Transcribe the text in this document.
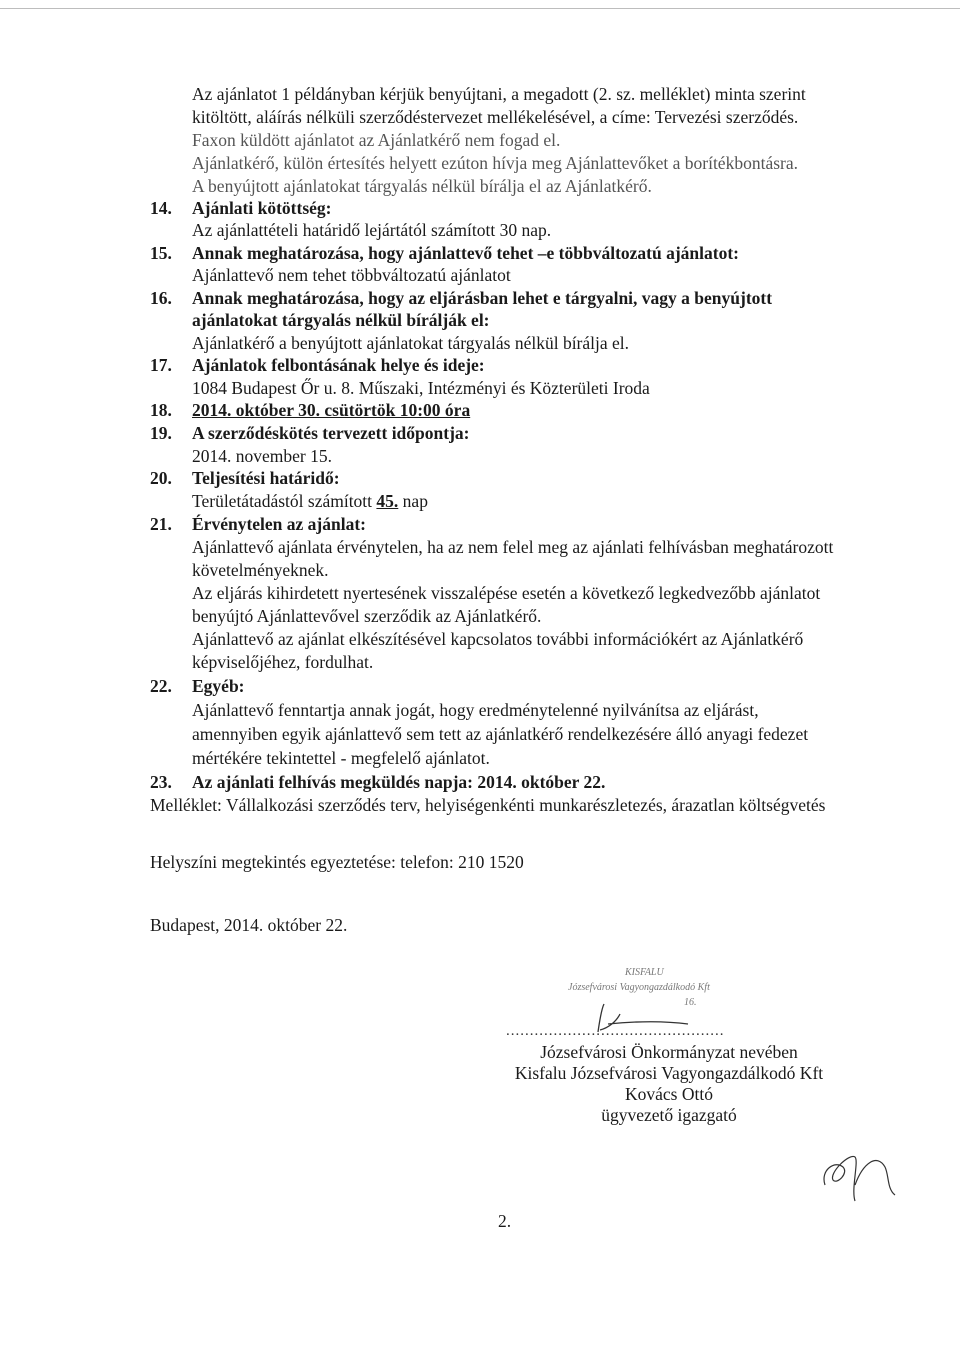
Az ajánlatot 1 példányban kérjük benyújtani, a megadott (2. sz. melléklet) minta szerint
kitöltött, aláírás nélküli szerződéstervezet mellékelésével, a címe: Tervezési szerződés.
Faxon küldött ajánlatot az Ajánlatkérő nem fogad el.
Ajánlatkérő, külön értesítés helyett ezúton hívja meg Ajánlattevőket a borítékbontásra.
A benyújtott ajánlatokat tárgyalás nélkül bírálja el az Ajánlatkérő.
14. Ajánlati kötöttség:
Az ajánlattételi határidő lejártától számított 30 nap.
15. Annak meghatározása, hogy ajánlattevő tehet –e többváltozatú ajánlatot:
Ajánlattevő nem tehet többváltozatú ajánlatot
16. Annak meghatározása, hogy az eljárásban lehet e tárgyalni, vagy a benyújtott
ajánlatokat tárgyalás nélkül bírálják el:
Ajánlatkérő a benyújtott ajánlatokat tárgyalás nélkül bírálja el.
17. Ajánlatok felbontásának helye és ideje:
1084 Budapest Őr u. 8. Műszaki, Intézményi és Közterületi Iroda
18. 2014. október 30. csütörtök 10:00 óra
19. A szerződéskötés tervezett időpontja:
2014. november 15.
20. Teljesítési határidő:
Területátadástól számított 45. nap
21. Érvénytelen az ajánlat:
Ajánlattevő ajánlata érvénytelen, ha az nem felel meg az ajánlati felhívásban meghatározott
követelményeknek.
Az eljárás kihirdetett nyertesének visszalépése esetén a következő legkedvezőbb ajánlatot
benyújtó Ajánlattevővel szerződik az Ajánlatkérő.
Ajánlattevő az ajánlat elkészítésével kapcsolatos további információkért az Ajánlatkérő
képviselőjéhez, fordulhat.
22. Egyéb:
Ajánlattevő fenntartja annak jogát, hogy eredménytelenné nyilvánítsa az eljárást,
amennyiben egyik ajánlattevő sem tett az ajánlatkérő rendelkezésére álló anyagi fedezet
mértékére tekintettel - megfelelő ajánlatot.
23. Az ajánlati felhívás megküldés napja: 2014. október 22.
Melléklet: Vállalkozási szerződés terv, helyiségenkénti munkarészletezés, árazatlan költségvetés
Helyszíni megtekintés egyeztetése: telefon: 210 1520
Budapest, 2014. október 22.
KISFALU
Józsefvárosi Vagyongazdálkodó Kft
16.
..............................................
Józsefvárosi Önkormányzat nevében
Kisfalu Józsefvárosi Vagyongazdálkodó Kft
Kovács Ottó
ügyvezető igazgató
2.
